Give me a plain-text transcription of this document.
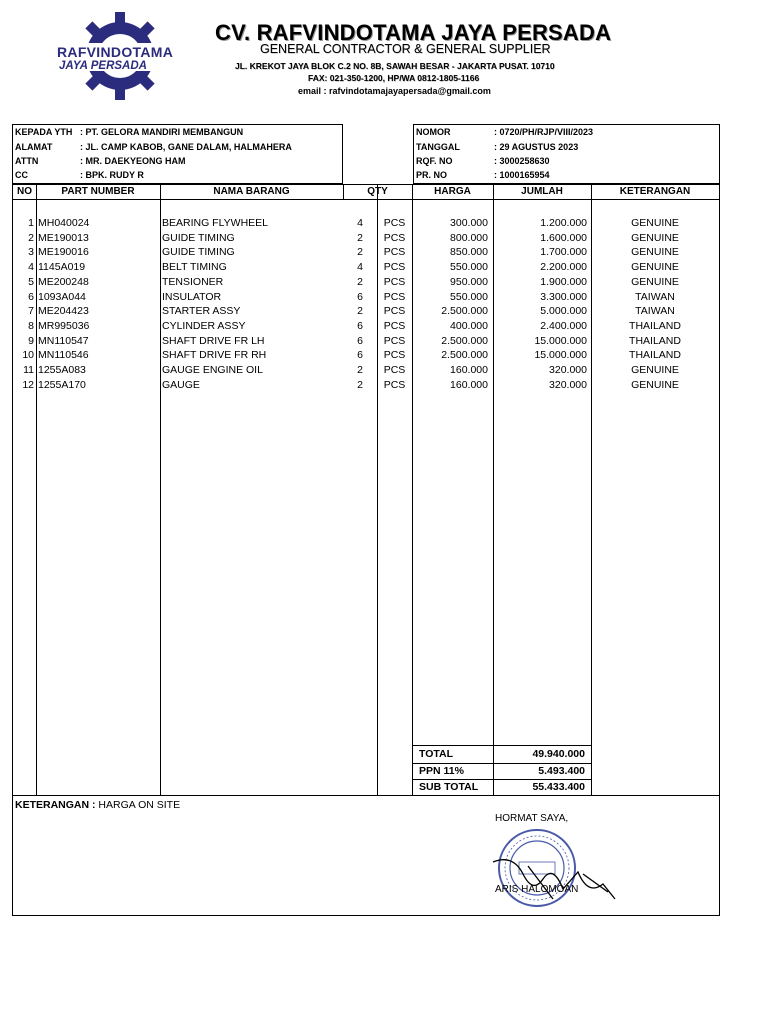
RAFVINDOTAMA
JAYA PERSADA
CV. RAFVINDOTAMA JAYA PERSADA
GENERAL CONTRACTOR & GENERAL SUPPLIER
JL. KREKOT JAYA BLOK C.2 NO. 8B, SAWAH BESAR - JAKARTA PUSAT. 10710
FAX: 021-350-1200, HP/WA 0812-1805-1166
email : rafvindotamajayapersada@gmail.com
KEPADA YTH : PT. GELORA MANDIRI MEMBANGUN
ALAMAT	: JL. CAMP KABOB, GANE DALAM, HALMAHERA
ATTN	: MR. DAEKYEONG HAM
CC	: BPK. RUDY R
NOMOR	: 0720/PH/RJP/VIII/2023
TANGGAL	: 29 AGUSTUS 2023
RQF. NO	: 3000258630
PR. NO	: 1000165954
NO	PART NUMBER	NAMA BARANG	QTY	HARGA	JUMLAH	KETERANGAN
1 MH040024	BEARING FLYWHEEL	4	PCS	300.000	1.200.000	GENUINE
2 ME190013	GUIDE TIMING	2	PCS	800.000	1.600.000	GENUINE
3 ME190016	GUIDE TIMING	2	PCS	850.000	1.700.000	GENUINE
4 1145A019	BELT TIMING	4	PCS	550.000	2.200.000	GENUINE
5 ME200248	TENSIONER	2	PCS	950.000	1.900.000	GENUINE
6 1093A044	INSULATOR	6	PCS	550.000	3.300.000	TAIWAN
7 ME204423	STARTER ASSY	2	PCS	2.500.000	5.000.000	TAIWAN
8 MR995036	CYLINDER ASSY	6	PCS	400.000	2.400.000	THAILAND
9 MN110547	SHAFT DRIVE FR LH	6	PCS	2.500.000	15.000.000	THAILAND
10 MN110546	SHAFT DRIVE FR RH	6	PCS	2.500.000	15.000.000	THAILAND
11 1255A083	GAUGE ENGINE OIL	2	PCS	160.000	320.000	GENUINE
12 1255A170	GAUGE	2	PCS	160.000	320.000	GENUINE
TOTAL	49.940.000
PPN 11%	5.493.400
SUB TOTAL	55.433.400
KETERANGAN : HARGA ON SITE
HORMAT SAYA,
ARIS HALOMOAN
